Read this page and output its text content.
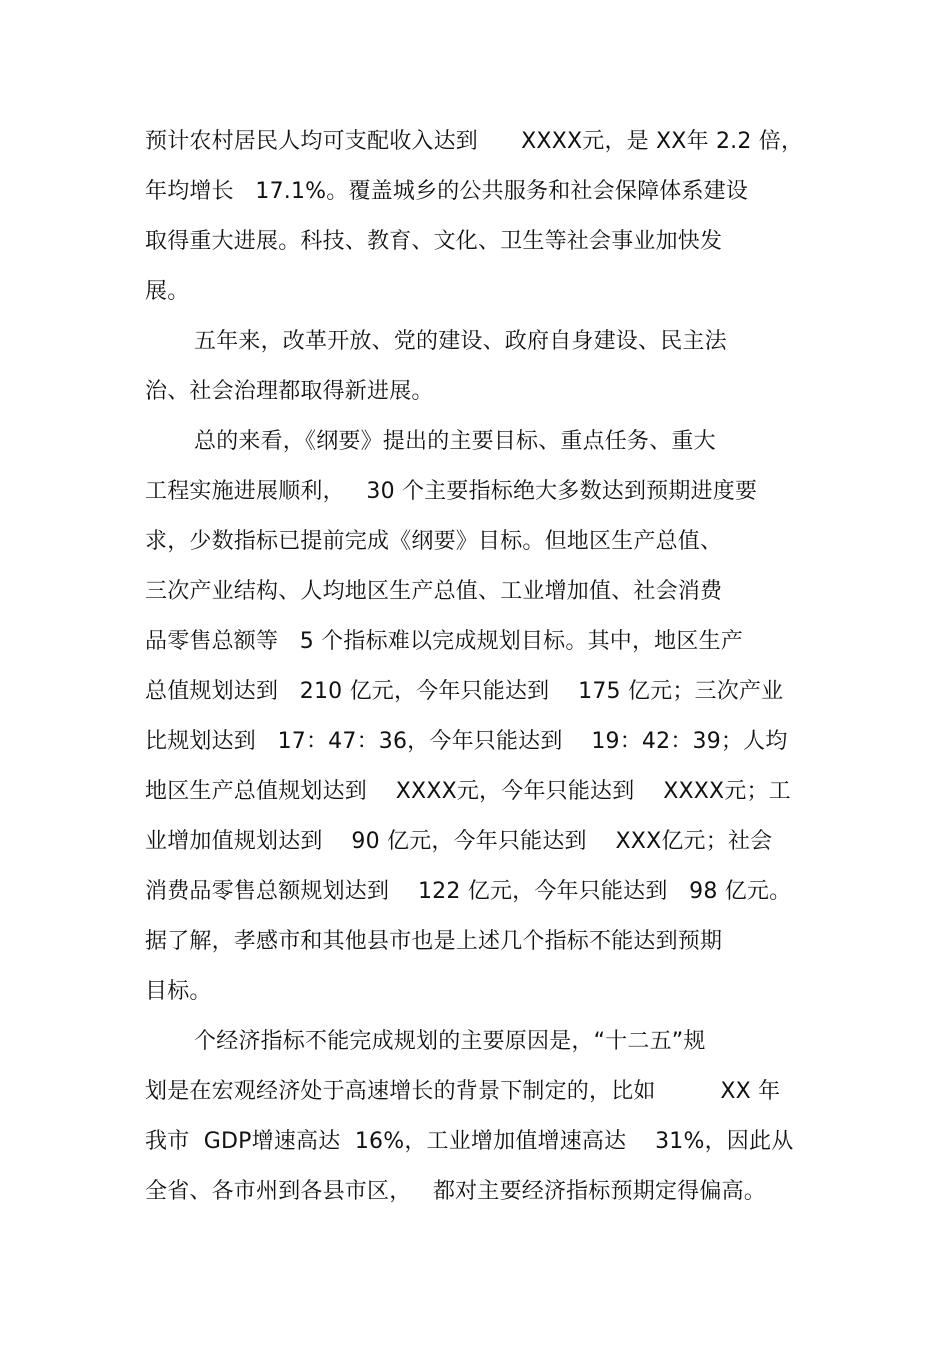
预计农村居民人均可支配收入达到      XXXX元，是 XX年 2.2 倍，
年均增长   17.1%。覆盖城乡的公共服务和社会保障体系建设
取得重大进展。科技、教育、文化、卫生等社会事业加快发
展。
五年来，改革开放、党的建设、政府自身建设、民主法
治、社会治理都取得新进展。
总的来看，《纲要》提出的主要目标、重点任务、重大
工程实施进展顺利，   30 个主要指标绝大多数达到预期进度要
求，少数指标已提前完成《纲要》目标。但地区生产总值、
三次产业结构、人均地区生产总值、工业增加值、社会消费
品零售总额等   5 个指标难以完成规划目标。其中，地区生产
总值规划达到   210 亿元，今年只能达到    175 亿元；三次产业
比规划达到   17：47：36，今年只能达到    19：42：39；人均
地区生产总值规划达到    XXXX元，今年只能达到    XXXX元；工
业增加值规划达到    90 亿元，今年只能达到    XXX亿元；社会
消费品零售总额规划达到    122 亿元，今年只能达到   98 亿元。
据了解，孝感市和其他县市也是上述几个指标不能达到预期
目标。
个经济指标不能完成规划的主要原因是，“十二五”规
划是在宏观经济处于高速增长的背景下制定的，比如         XX 年
我市  GDP增速高达  16%，工业增加值增速高达    31%，因此从
全省、各市州到各县市区，   都对主要经济指标预期定得偏高。
